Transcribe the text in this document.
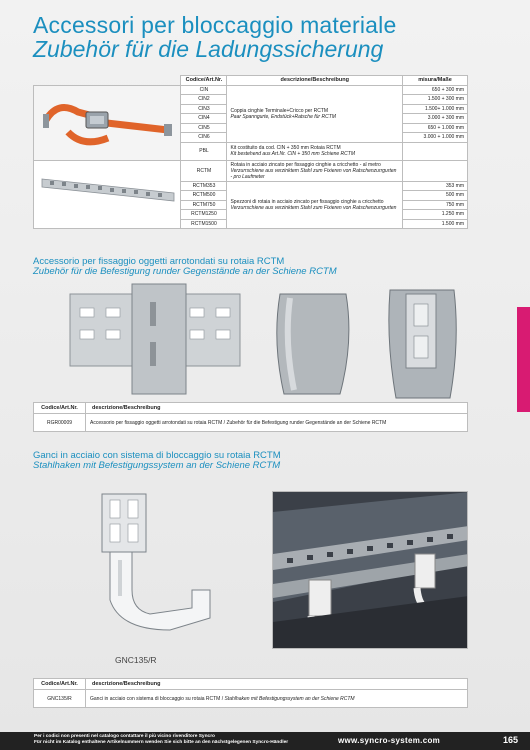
Accessori per bloccaggio materiale
Zubehör für die Ladungssicherung
	Codice/Art.Nr.	descrizione/Beschreibung	misura/Maße

	CIN	Coppia cinghie Terminale+Cricco per RCTM
Paar Spanngurte, Endstück+Ratsche für RCTM	650 + 300 mm
	CIN2		1.500 + 300 mm
	CIN3		1.500+ 1.000 mm
	CIN4		3.000 + 300 mm
	CIN5		650 + 1.000 mm
	CIN6		3.000 + 1.000 mm
	PBL	Kit costituito da cod. CIN + 350 mm Rotaia RCTM
Kit bestehend aus Art.Nr. CIN + 350 mm Schiene RCTM	

	RCTM	Rotaia in acciaio zincato per fissaggio cinghie a cricchetto - al metro
Verzurrschiene aus verzinktem Stahl zum Fixieren von Ratschenzurrgurten - pro Laufmeter	

	RCTM353	Spezzoni di rotaia in acciaio zincato per fissaggio cinghie a cricchetto
Verzurrschiene aus verzinktem Stahl zum Fixieren von Ratschenzurrgurten	353 mm
	RCTM500		500 mm
	RCTM750		750 mm
	RCTM1250		1.250 mm
	RCTM1500		1.500 mm
Accessorio per fissaggio oggetti arrotondati su rotaia RCTM
Zubehör für die Befestigung runder Gegenstände an der Schiene RCTM
Codice/Art.Nr.	descrizione/Beschreibung
RGR00009	Accessorio per fissaggio oggetti arrotondati su rotaia RCTM / Zubehör für die Befestigung runder Gegenstände an der Schiene RCTM
Ganci in acciaio con sistema di bloccaggio su rotaia RCTM
Stahlhaken mit Befestigungssystem an der Schiene RCTM
GNC135/R
Codice/Art.Nr.	descrizione/Beschreibung
GNC135/R	Ganci in acciaio con sistema di bloccaggio su rotaia RCTM / Stahlhaken mit Befestigungssystem an der Schiene RCTM
Per i codici non presenti nel catalogo contattare il più vicino rivenditore Syncro
Für nicht im Katalog enthaltene Artikelnummern wenden Sie sich bitte an den nächstgelegenen Syncro-Händler	www.syncro-system.com	165
